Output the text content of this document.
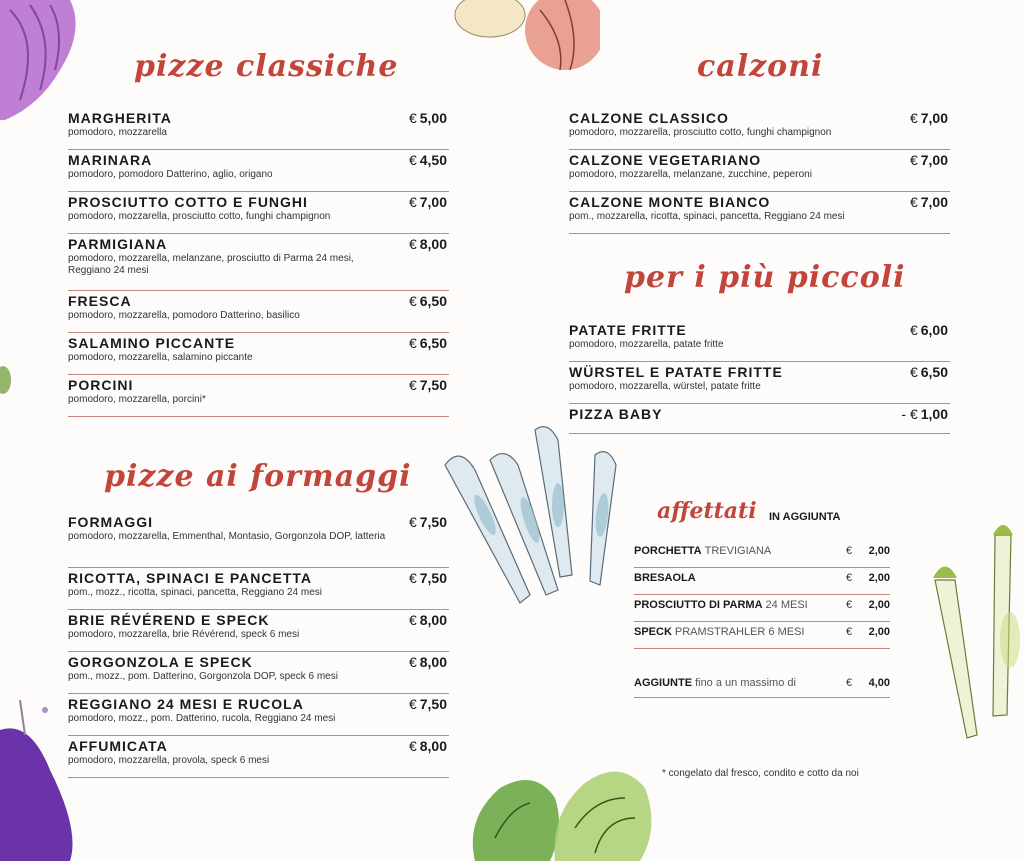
pizze classiche
pizze ai formaggi
calzoni
per i più piccoli
MARGHERITA	€ 5,00
pomodoro, mozzarella
MARINARA	€ 4,50
pomodoro, pomodoro Datterino, aglio, origano
PROSCIUTTO COTTO E FUNGHI	€ 7,00
pomodoro, mozzarella, prosciutto cotto, funghi champignon
PARMIGIANA	€ 8,00
pomodoro, mozzarella, melanzane, prosciutto di Parma 24 mesi, Reggiano 24 mesi
FRESCA	€ 6,50
pomodoro, mozzarella, pomodoro Datterino, basilico
SALAMINO PICCANTE	€ 6,50
pomodoro, mozzarella, salamino piccante
PORCINI	€ 7,50
pomodoro, mozzarella, porcini*
FORMAGGI	€ 7,50
pomodoro, mozzarella, Emmenthal, Montasio, Gorgonzola DOP, latteria
RICOTTA, SPINACI E PANCETTA	€ 7,50
pom., mozz., ricotta, spinaci, pancetta, Reggiano 24 mesi
BRIE RÉVÉREND E SPECK	€ 8,00
pomodoro, mozzarella, brie Révérend, speck 6 mesi
GORGONZOLA E SPECK	€ 8,00
pom., mozz., pom. Datterino, Gorgonzola DOP, speck 6 mesi
REGGIANO 24 MESI E RUCOLA	€ 7,50
pomodoro, mozz., pom. Datterino, rucola, Reggiano 24 mesi
AFFUMICATA	€ 8,00
pomodoro, mozzarella, provola, speck 6 mesi
CALZONE CLASSICO	€ 7,00
pomodoro, mozzarella, prosciutto cotto, funghi champignon
CALZONE VEGETARIANO	€ 7,00
pomodoro, mozzarella, melanzane, zucchine, peperoni
CALZONE MONTE BIANCO	€ 7,00
pom., mozzarella, ricotta, spinaci, pancetta, Reggiano 24 mesi
PATATE FRITTE	€ 6,00
pomodoro, mozzarella, patate fritte
WÜRSTEL E PATATE FRITTE	€ 6,50
pomodoro, mozzarella, würstel, patate fritte
PIZZA BABY	- € 1,00
affettati IN AGGIUNTA
PORCHETTA TREVIGIANA	€ 2,00
BRESAOLA	€ 2,00
PROSCIUTTO DI PARMA 24 MESI	€ 2,00
SPECK PRAMSTRAHLER 6 MESI	€ 2,00
AGGIUNTE fino a un massimo di	€ 4,00
* congelato dal fresco, condito e cotto da noi
